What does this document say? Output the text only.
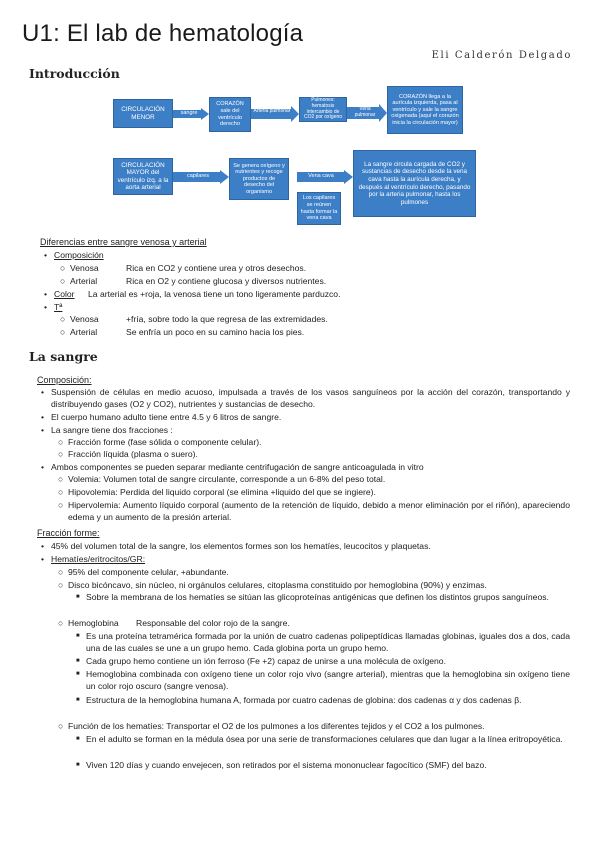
U1: El lab de hematología
Eli Calderón Delgado
Introducción
CIRCULACIÓN MENOR
sangre
CORAZÓN sale del ventrículo derecho
Arteria pulmonar
Pulmones: hematosis intercambio de CO2 por oxígeno
Vena pulmonar
CORAZÓN llega a la aurícula izquierda, pasa al ventrículo y sale la sangre oxigenada (aquí el corazón inicia la circulación mayor)
CIRCULACIÓN MAYOR del ventrículo izq. a la aorta arterial
capilares
Se genera oxígeno y nutrientes y recoge productos de desecho del organismo
Vena cava
Los capilares se reúnen hasta formar la vena cava
La sangre circula cargada de CO2 y sustancias de desecho desde la vena cava hasta la aurícula derecha, y después al ventrículo derecho, pasando por la arteria pulmonar, hasta los pulmones
Diferencias entre sangre venosa y arterial
• Composición
○ Venosa	Rica en CO2 y contiene urea y otros desechos.
○ Arterial	Rica en O2 y contiene glucosa y diversos nutrientes.
• Color La arterial es +roja, la venosa tiene un tono ligeramente parduzco.
• Tª
○ Venosa	+fría, sobre todo la que regresa de las extremidades.
○ Arterial	Se enfría un poco en su camino hacia los pies.
La sangre
Composición:
• Suspensión de células en medio acuoso, impulsada a través de los vasos sanguíneos por la acción del corazón, transportando y distribuyendo gases (O2 y CO2), nutrientes y sustancias de desecho.
• El cuerpo humano adulto tiene entre 4.5 y 6 litros de sangre.
• La sangre tiene dos fracciones :
○ Fracción forme (fase sólida o componente celular).
○ Fracción líquida (plasma o suero).
• Ambos componentes se pueden separar mediante centrifugación de sangre anticoagulada in vitro
○ Volemia: Volumen total de sangre circulante, corresponde a un 6-8% del peso total.
○ Hipovolemia: Perdida del liquido corporal (se elimina +liquido del que se ingiere).
○ Hipervolemia: Aumento líquido corporal (aumento de la retención de líquido, debido a menor eliminación por el riñón), apareciendo edema y un aumento de la presión arterial.
Fracción forme:
• 45% del volumen total de la sangre, los elementos formes son los hematíes, leucocitos y plaquetas.
• Hematíes/eritrocitos/GR:
○ 95% del componente celular, +abundante.
○ Disco bicóncavo, sin núcleo, ni orgánulos celulares, citoplasma constituido por hemoglobina (90%) y enzimas.
■ Sobre la membrana de los hematíes se sitúan las glicoproteínas antigénicas que definen los distintos grupos sanguíneos.
○ Hemoglobina Responsable del color rojo de la sangre.
■ Es una proteína tetramérica formada por la unión de cuatro cadenas polipeptídicas llamadas globinas, iguales dos a dos, cada una de las cuales se une a un grupo hemo. Cada globina porta un grupo hemo.
■ Cada grupo hemo contiene un ión ferroso (Fe +2) capaz de unirse a una molécula de oxígeno.
■ Hemoglobina combinada con oxígeno tiene un color rojo vivo (sangre arterial), mientras que la hemoglobina sin oxígeno tiene un color rojo oscuro (sangre venosa).
■ Estructura de la hemoglobina humana A, formada por cuatro cadenas de globina: dos cadenas α y dos cadenas β.
○ Función de los hematíes: Transportar el O2 de los pulmones a los diferentes tejidos y el CO2 a los pulmones.
■ En el adulto se forman en la médula ósea por una serie de transformaciones celulares que dan lugar a la línea eritropoyética.
■ Viven 120 días y cuando envejecen, son retirados por el sistema mononuclear fagocítico (SMF) del bazo.
